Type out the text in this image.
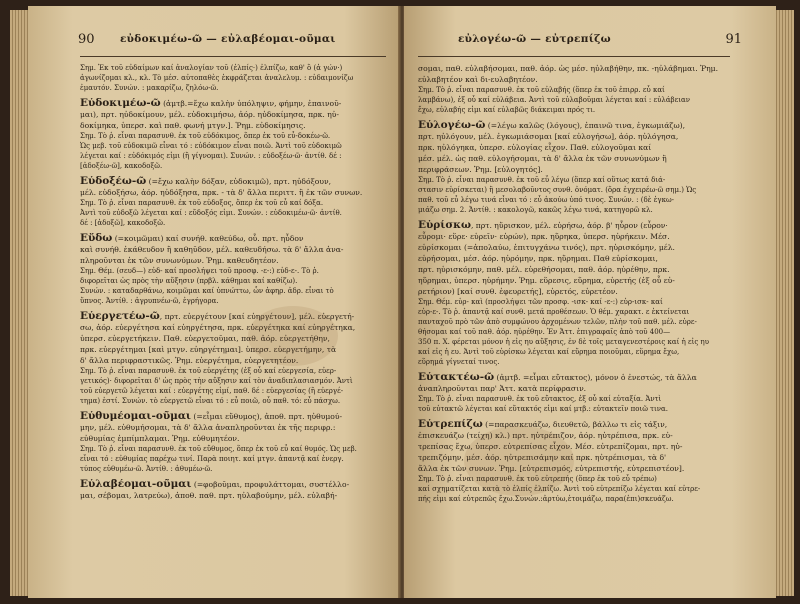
90 εὐδοκιμέω-ῶ — εὐλαβέομαι-οῦμαι
Σημ. Ἐκ τοῦ εὐδαίμων καί ἀναλογίαν τοῦ (ἐλπίς·) ἐλπίζω, καθ' ὃ (ἀ γών·)
ἀγωνίζομαι κλ., κλ. Τὸ μέσ. αὐτοπαθὲς ἐκφράζεται ἀναλελυμ. : εὐδαιμονίζω
ἐμαυτόν. Συνών. : μακαρίζω, ζηλόω-ῶ.
Εὐδοκιμέω-ῶ (ἀμτβ.=ἔχω καλὴν ὑπόληψιν, φήμην, ἐπαινοῦ-
μαι), πρτ. ηὐδοκίμουν, μέλ. εὐδοκιμήσω, ἀόρ. ηὐδοκίμησα, πρκ. ηὐ-
δοκίμηκα, ὑπερσ. καὶ παθ. φωνή μτγν.]. Ῥημ. εὐδοκίμησις.
Σημ. Τὸ ῥ. εἶναι παρασυνθ. ἐκ τοῦ εὐδόκιμος, ὅπερ ἐκ τοῦ εὖ-δοκέω-ῶ.
Ὡς μεβ. τοῦ εὐδοκιμῶ εἶναι τό : εὐδόκιμον εἶναι ποιῶ. Ἀντὶ τοῦ εὐδοκιμῶ
λέγεται καί : εὐδόκιμός εἰμι (ἢ γίγνομαι). Συνών. : εὐδοξέω-ῶ· ἀντίθ. δέ :
[ἀδοξέω-ῶ], κακοδοξῶ.
Εὐδοξέω-ῶ (=ἔχω καλὴν δόξαν, εὐδοκιμῶ), πρτ. ηὐδόξουν,
μέλ. εὐδοξήσω, ἀόρ. ηὐδόξησα, πρκ. - τὰ δ' ἄλλα περιττ. ἢ ἐκ τῶν συνων.
Σημ. Τὸ ῥ. εἶναι παρασυνθ. ἐκ τοῦ εὐδοξος, ὅπερ ἐκ τοῦ εὖ καί δόξα.
Ἀντὶ τοῦ εὐδοξῶ λέγεται καί : εὔδοξός εἰμι. Συνών. : εὐδοκιμέω-ῶ· ἀντίθ.
δέ : [ἀδοξῶ], κακοδοξῶ.
Εὕδω (=κοιμῶμαι) καί συνήθ. καθεύδω, οὗ. πρτ. ηὗδον
καὶ συνήθ. ἐκάθευδον ἢ καθηῦδον, μέλ. καθευδήσω. τὰ δ' ἄλλα ἀνα-
πληροῦνται ἐκ τῶν συνωνύμων. Ῥημ. καθευδητέον.
Σημ. Θέμ. (σευδ—) εὐδ- καί προσλήψει τοῦ προσφ. -ε-:) εὐδ-ε-. Τὸ ῥ.
διφορεῖται ὡς πρὸς τὴν αὔξησιν (πρβλ. κάθημαι καί καθίζω).
Συνών. : καταδαρθάνω, κοιμῶμαι καί ὑπνώττω, ὧν ἀφηρ. ἀδρ. εἶναι τὸ
ὕπνος. Ἀντίθ. : ἀγρυπνέω-ῶ, ἐγρήγορα.
Εὐεργετέω-ῶ, πρτ. εὐεργέτουν [καί εὐηργέτουν], μέλ. εὐεργετή-
σω, ἀόρ. εὐεργέτησα καί εὐηργέτησα, πρκ. εὐεργέτηκα καί εὐηργέτηκα,
ὑπερσ. εὐεργετήκειν. Παθ. εὐεργετοῦμαι, παθ. ἀόρ. εὐεργετήθην,
πρκ. εὐεργέτημαι [καὶ μτγν. εὐηργέτημαι]. ὑπερσ. εὐεργετήμην, τὰ
δ' ἄλλα περιφραστικῶς. Ῥημ. εὐεργέτημα, εὐεργετητέον.
Σημ. Τὸ ῥ. εἶναι παρασυνθ. ἐκ τοῦ εὐεργέτης (ἐξ οὗ καί εὐεργεσία, εὐερ-
γετικός)· διφορεῖται δ' ὡς πρὸς τὴν αὔξησιν καί τὸν ἀναδιπλασιασμόν. Ἀντὶ
τοῦ εὐεργετῶ λέγεται καί : εὐεργέτης εἰμί, παθ. δέ : εὐεργεσίας (ἢ εὐεργέ-
τημα) ἐστί. Συνών. τὸ εὐεργετῶ εἶναι τό : εὖ ποιῶ, οὗ παθ. τό: εὖ πάσχω.
Εὐθυμέομαι-οῦμαι (=εἶμαι εὔθυμος), ἀποθ. πρτ. ηὐθυμού-
μην, μέλ. εὐθυμήσομαι, τὰ δ' ἄλλα ἀναπληροῦνται ἐκ τῆς περιφρ.:
εὐθυμίας ἐμπίμπλαμαι. Ῥημ. εὐθυμητέον.
Σημ. Τὸ ῥ. εἶναι παρασυνθ. ἐκ τοῦ εὔθυμος, ὅπερ ἐκ τοῦ εὖ καί θυμός. Ὡς μεβ.
εἶναι τό : εὐθυμίας παρέχω τινί. Παρὰ ποιητ. καί μτγν. ἀπαντᾷ καί ἐνεργ.
τύπος εὐθυμέω-ῶ. Ἀντίθ. : ἀθυμέω-ῶ.
Εὐλαβέομαι-οῦμαι (=φοβοῦμαι, προφυλάττομαι, συστέλλο-
μαι, σέβομαι, λατρεύω), ἀποθ. παθ. πρτ. ηὐλαβούμην, μέλ. εὐλαβή-
εὐλογέω-ῶ — εὐτρεπίζω	91
σομαι, παθ. εὐλαβήσομαι, παθ. ἀόρ. ὡς μέσ. ηὐλαβήθην, πκ. -ηὐλάβημαι. Ῥημ.
εὐλαβητέον καὶ δι-ευλαβητέον.
Σημ. Τὸ ῥ. εἶναι παρασυνθ. ἐκ τοῦ εὐλαβής (ὅπερ ἐκ τοῦ ἐπιρρ. εὖ καί
λαμβάνω), ἐξ οὗ καί εὐλάβεια. Ἀντὶ τοῦ εὐλαβοῦμαι λέγεται καί : εὐλάβειαν
ἔχω, εὐλαβής εἰμι καί εὐλαβῶς διάκειμαι πρός τι.
Εὐλογέω-ῶ (=λέγω καλῶς (λόγους), ἐπαινῶ τινα, ἐγκωμιάζω),
πρτ. ηὐλόγουν, μέλ. ἐγκωμιάσομαι [καί εὐλογήσω], ἀόρ. ηὐλόγησα,
πρκ. ηὐλόγηκα, ὑπερσ. εὐλογίας εἶχον. Παθ. εὐλογοῦμαι καί
μέσ. μέλ. ὡς παθ. εὐλογήσομαι, τὰ δ' ἄλλα ἐκ τῶν συνωνύμων ἢ
περιφράσεων. Ῥημ. [εὐλογητός].
Σημ. Τὸ ῥ. εἶναι παρασυνθ. ἐκ τοῦ εὖ λέγω (ὅπερ καί οὕτως κατά διά-
στασιν εὑρίσκεται) ἢ μεσολαβοῦντος συνθ. ὀνόματ. (ὅρα ἐγχειρέω-ῶ σημ.) Ὡς
παθ. τοῦ εὖ λέγω τινά εἶναι τό : εὖ ἀκούω ὑπό τινος. Συνών. : (δὲ ἐγκω-
μιάζω σημ. 2. Ἀντίθ. : κακολογῶ, κακῶς λέγω τινά, κατηγορῶ κλ.
Εὑρίσκω, πρτ. ηὕρισκον, μέλ. εὑρήσω, ἀόρ. β' ηὗρον (εὗρον·
εὗρομι· εὕρε· εὑρεῖν· εὑρών), πρκ. ηὕρηκα, ὑπερσ. ηὑρήκειν. Μέσ.
εὑρίσκομαι (=ἀπολαύω, ἐπιτυγχάνω τινός), πρτ. ηὑρισκόμην, μέλ.
εὑρήσομαι, μέσ. ἀόρ. ηὑρόμην, πρκ. ηὕρημαι. Παθ εὑρίσκομαι,
πρτ. ηὑρισκόμην, παθ. μέλ. εὑρεθήσομαι, παθ. ἀόρ. ηὑρέθην, πρκ.
ηὕρημαι, ὑπερσ. ηὑρήμην. Ῥημ. εὕρεσις, εὕρημα, εὑρετής (ἐξ οὗ εὑ-
ρετήριον) [καί συνθ. ἐφευρετής], εὑρετός, εὑρετέον.
Σημ. Θέμ. εὑρ- καὶ (προσλήψει τῶν προσφ. -ισκ- καί -ε-:) εὑρ-ισκ- καί
εὑρ-ε-. Τὸ ῥ. ἀπαντᾷ καί συνθ. μετά προθέσεων. Ὁ θέμ. χαρακτ. ε ἐκτείνεται
πανταχοῦ πρὸ τῶν ἀπὸ συμφώνου ἀρχομένων τελῶν, πλὴν τοῦ παθ. μέλ. εὑρε-
θήσομαι καί τοῦ παθ. ἀόρ. ηὑρέθην. Ἐν Ἀττ. ἐπιγραφαῖς ἀπὸ τοῦ 400—
350 π. Χ. φέρεται μόνον ἡ εἰς ηυ αὔξησις, ἐν δὲ τοῖς μεταγενεστέροις καί ἡ εἰς ηυ
καί εἰς ἡ ευ. Ἀντὶ τοῦ εὑρίσκω λέγεται καί εὕρημα ποιοῦμαι, εὕρημα ἔχω,
εὕρημά γίγνεταί τινος.
Εὐτακτέω-ῶ (ἀμτβ. =εἶμαι εὔτακτος), μόνον ὁ ἐνεστώς, τὰ ἄλλα
ἀναπληροῦνται παρ' Ἀττ. κατὰ περίφρασιν.
Σημ. Τὸ ῥ. εἶναι παρασυνθ. ἐκ τοῦ εὔτακτος, ἐξ οὗ καί εὐταξία. Ἀντὶ
τοῦ εὐτακτῶ λέγεται καί εὔτακτός εἰμι καί μτβ.: εὐτακτεῖν ποιῶ τινα.
Εὐτρεπίζω (=παρασκευάζω, διευθετῶ, βάλλω τι εἰς τάξιν,
ἐπισκευάζω (τείχη) κλ.) πρτ. ηὐτρέπιζον, ἀόρ. ηὐτρέπισα, πρκ. εὐ-
τρεπίσας ἔχω, ὑπερσ. εὐτρεπίσας εἶχον. Μέσ. εὐτρεπίζομαι, πρτ. ηὐ-
τρεπιζόμην, μέσ. ἀόρ. ηὐτρεπισάμην καί πρκ. ηὐτρέπισμαι, τὰ δ'
ἄλλα ἐκ τῶν συνων. Ῥημ. [εὐτρεπισμός, εὐτρεπιστής, εὐτρεπιστέον].
Σημ. Τὸ ῥ. εἶναι παρασυνθ. ἐκ τοῦ εὐτρεπής (ὅπερ ἐκ τοῦ εὖ τρέπω)
καί σχηματίζεται κατὰ τὸ ἐλπίς ἐλπίζω. Ἀντὶ τοῦ εὐτρεπίζω λέγεται καί εὐτρε-
πής εἰμι καί εὐτρεπῶς ἔχω.Συνών.:ἀρτύω,ἑτοιμάζω, παρα(ἐπι)σκευάζω.
